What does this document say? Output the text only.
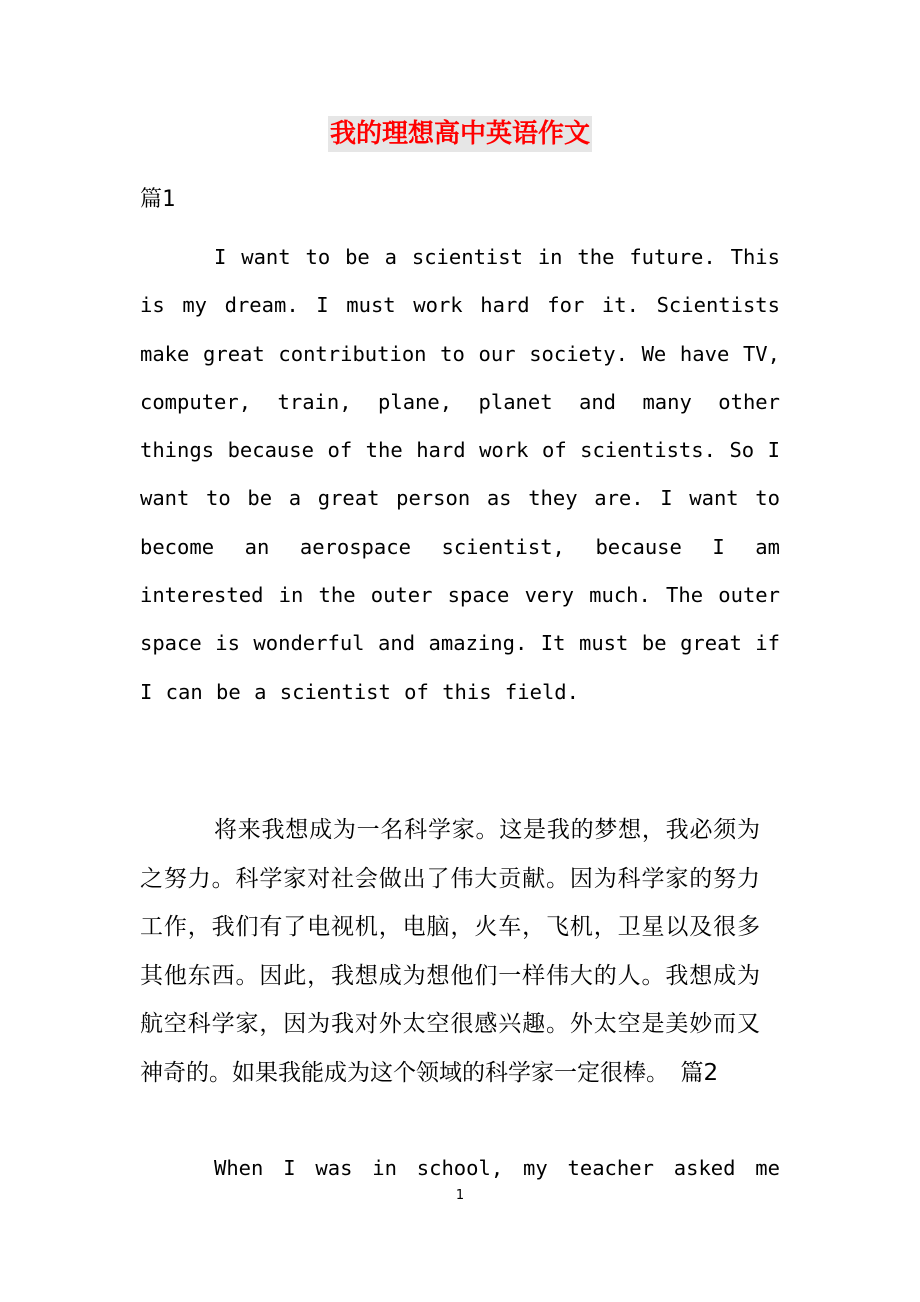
我的理想高中英语作文
篇1

I want to be a scientist in the future. This is my dream. I must work hard for it. Scientists make great contribution to our society. We have TV, computer, train, plane, planet and many other things because of the hard work of scientists. So I want to be a great person as they are. I want to become an aerospace scientist, because I am interested in the outer space very much. The outer space is wonderful and amazing. It must be great if I can be a scientist of this field.

将来我想成为一名科学家。这是我的梦想，我必须为之努力。科学家对社会做出了伟大贡献。因为科学家的努力工作，我们有了电视机，电脑，火车，飞机，卫星以及很多其他东西。因此，我想成为想他们一样伟大的人。我想成为航空科学家，因为我对外太空很感兴趣。外太空是美妙而又神奇的。如果我能成为这个领域的科学家一定很棒。　 篇2

When I was in school, my teacher asked me

1
